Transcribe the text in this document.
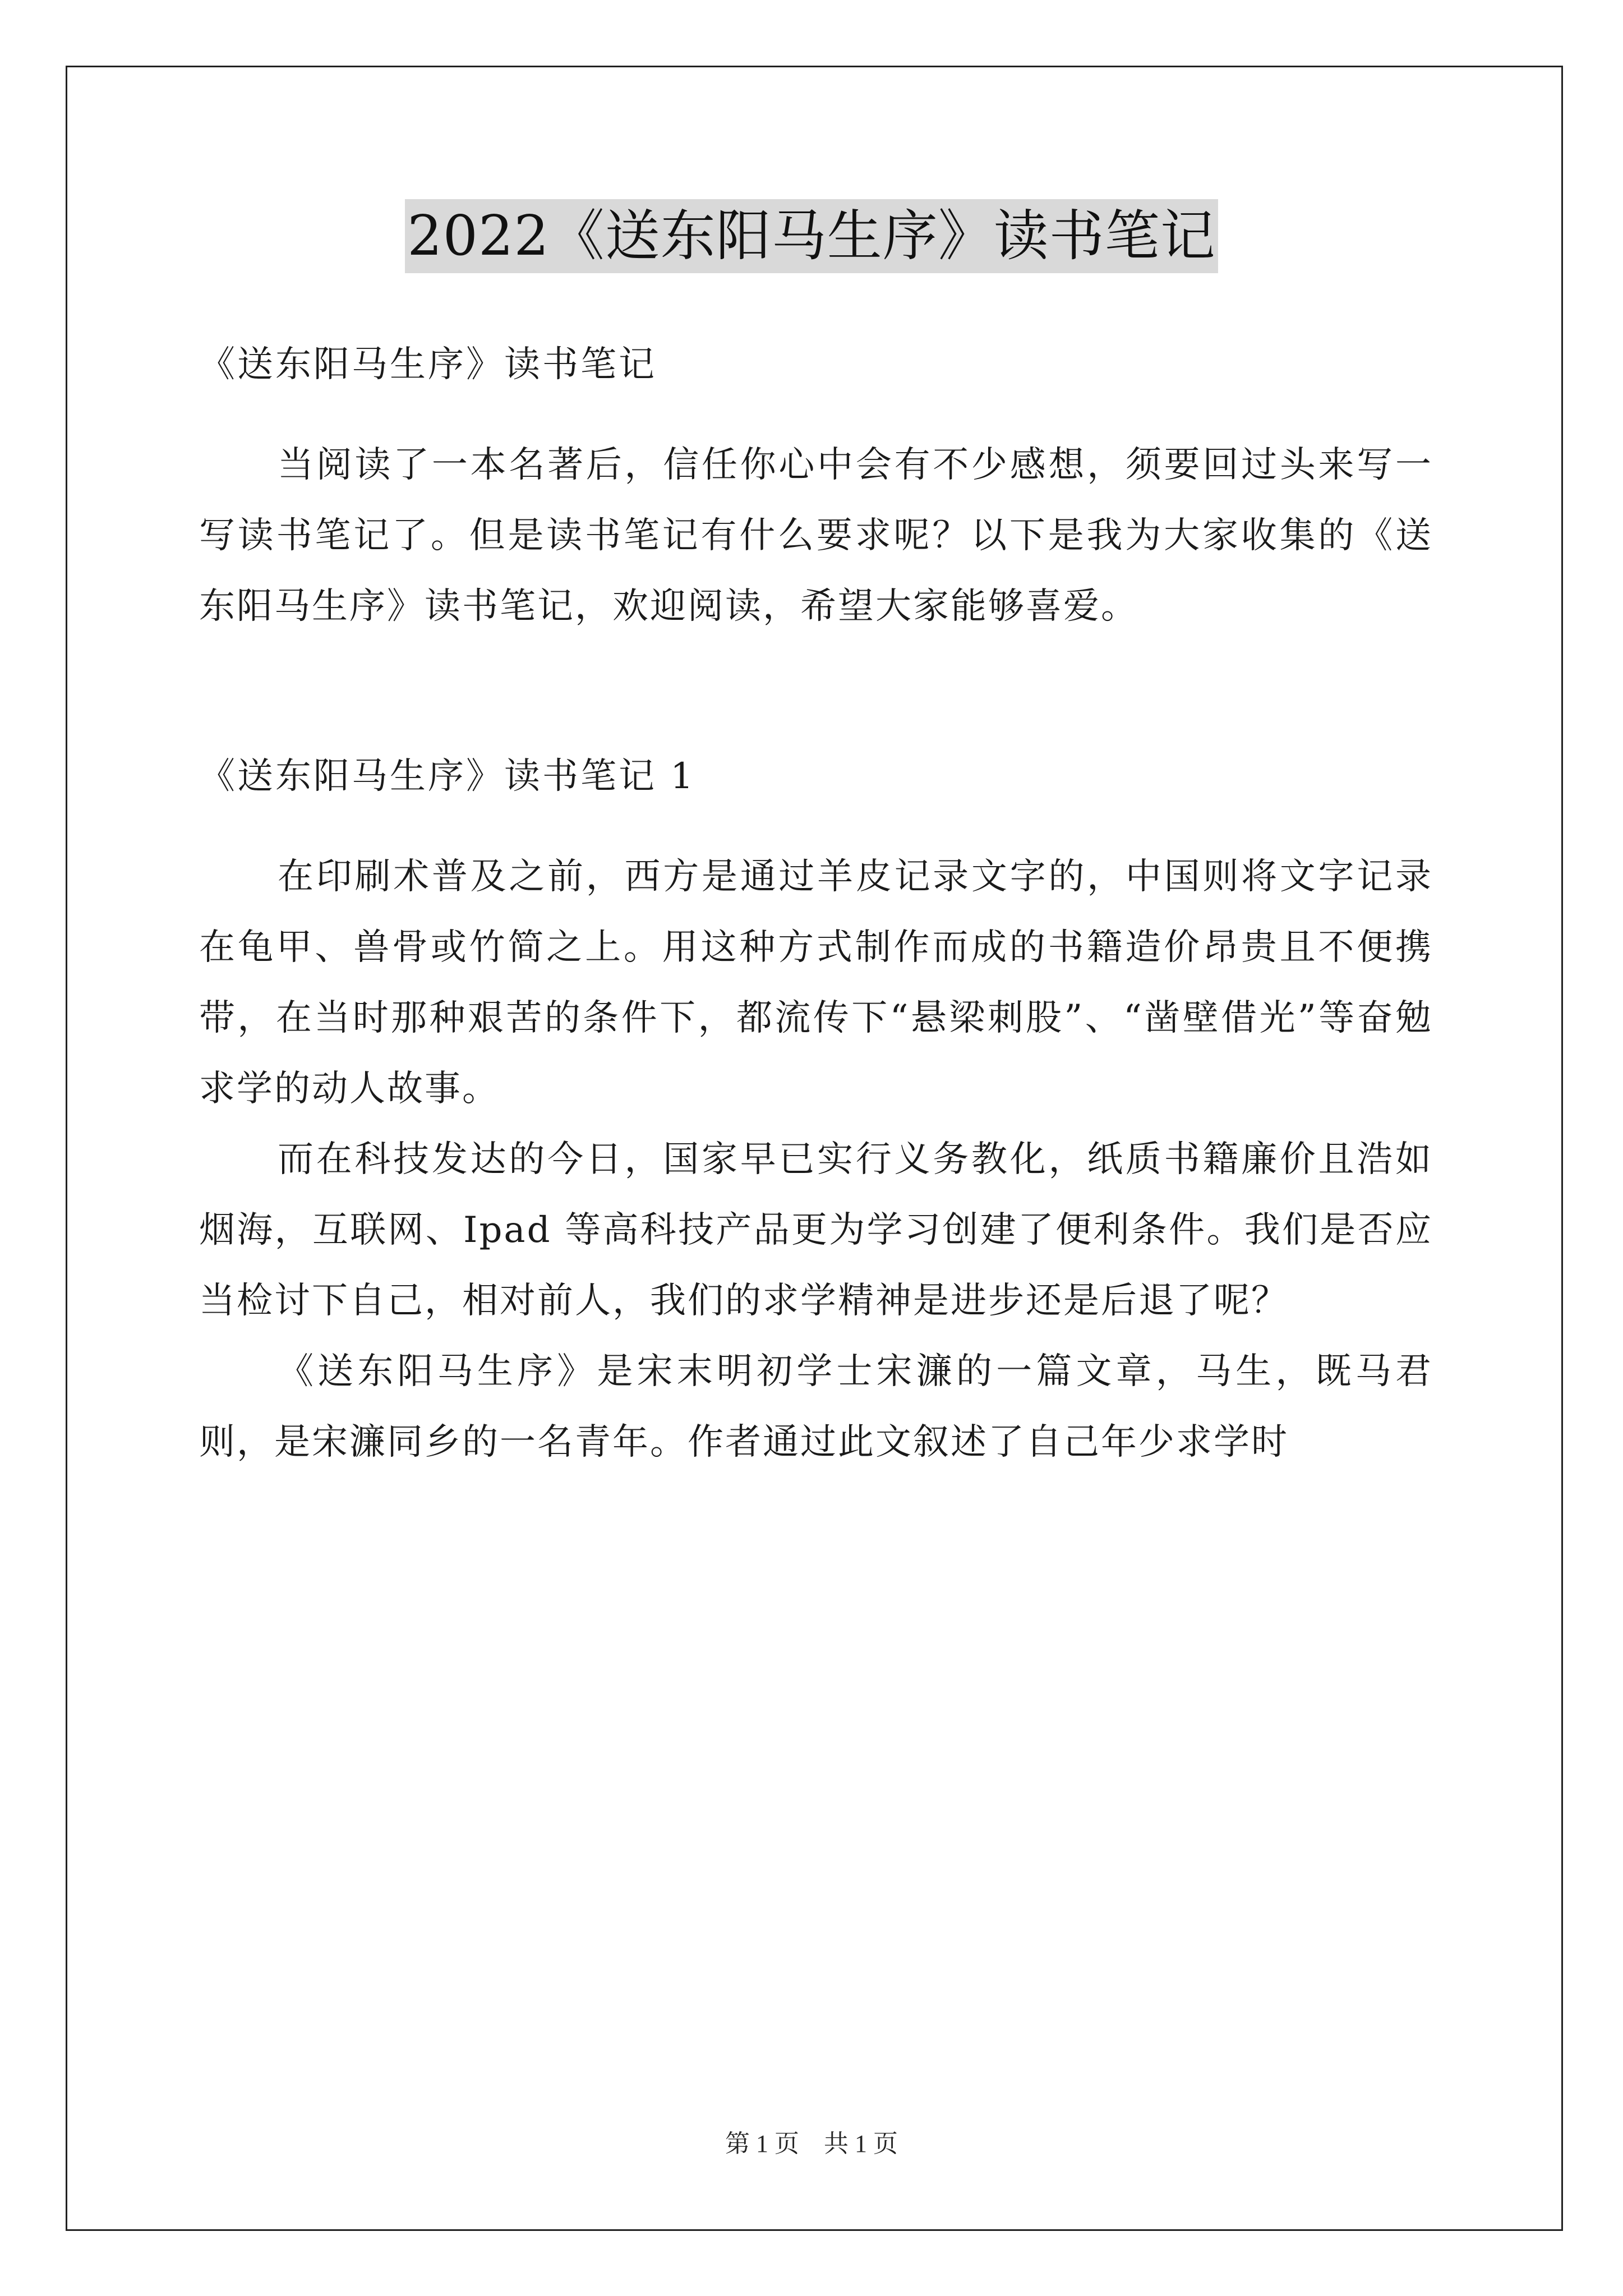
2022《送东阳马生序》读书笔记

《送东阳马生序》读书笔记

当阅读了一本名著后，信任你心中会有不少感想，须要回过头来写一写读书笔记了。但是读书笔记有什么要求呢？以下是我为大家收集的《送东阳马生序》读书笔记，欢迎阅读，希望大家能够喜爱。

《送东阳马生序》读书笔记 1

在印刷术普及之前，西方是通过羊皮记录文字的，中国则将文字记录在龟甲、兽骨或竹简之上。用这种方式制作而成的书籍造价昂贵且不便携带，在当时那种艰苦的条件下，都流传下“悬梁刺股”、“凿壁借光”等奋勉求学的动人故事。

而在科技发达的今日，国家早已实行义务教化，纸质书籍廉价且浩如烟海，互联网、Ipad 等高科技产品更为学习创建了便利条件。我们是否应当检讨下自己，相对前人，我们的求学精神是进步还是后退了呢？

《送东阳马生序》是宋末明初学士宋濂的一篇文章，马生，既马君则，是宋濂同乡的一名青年。作者通过此文叙述了自己年少求学时

第 1 页　共 1 页
